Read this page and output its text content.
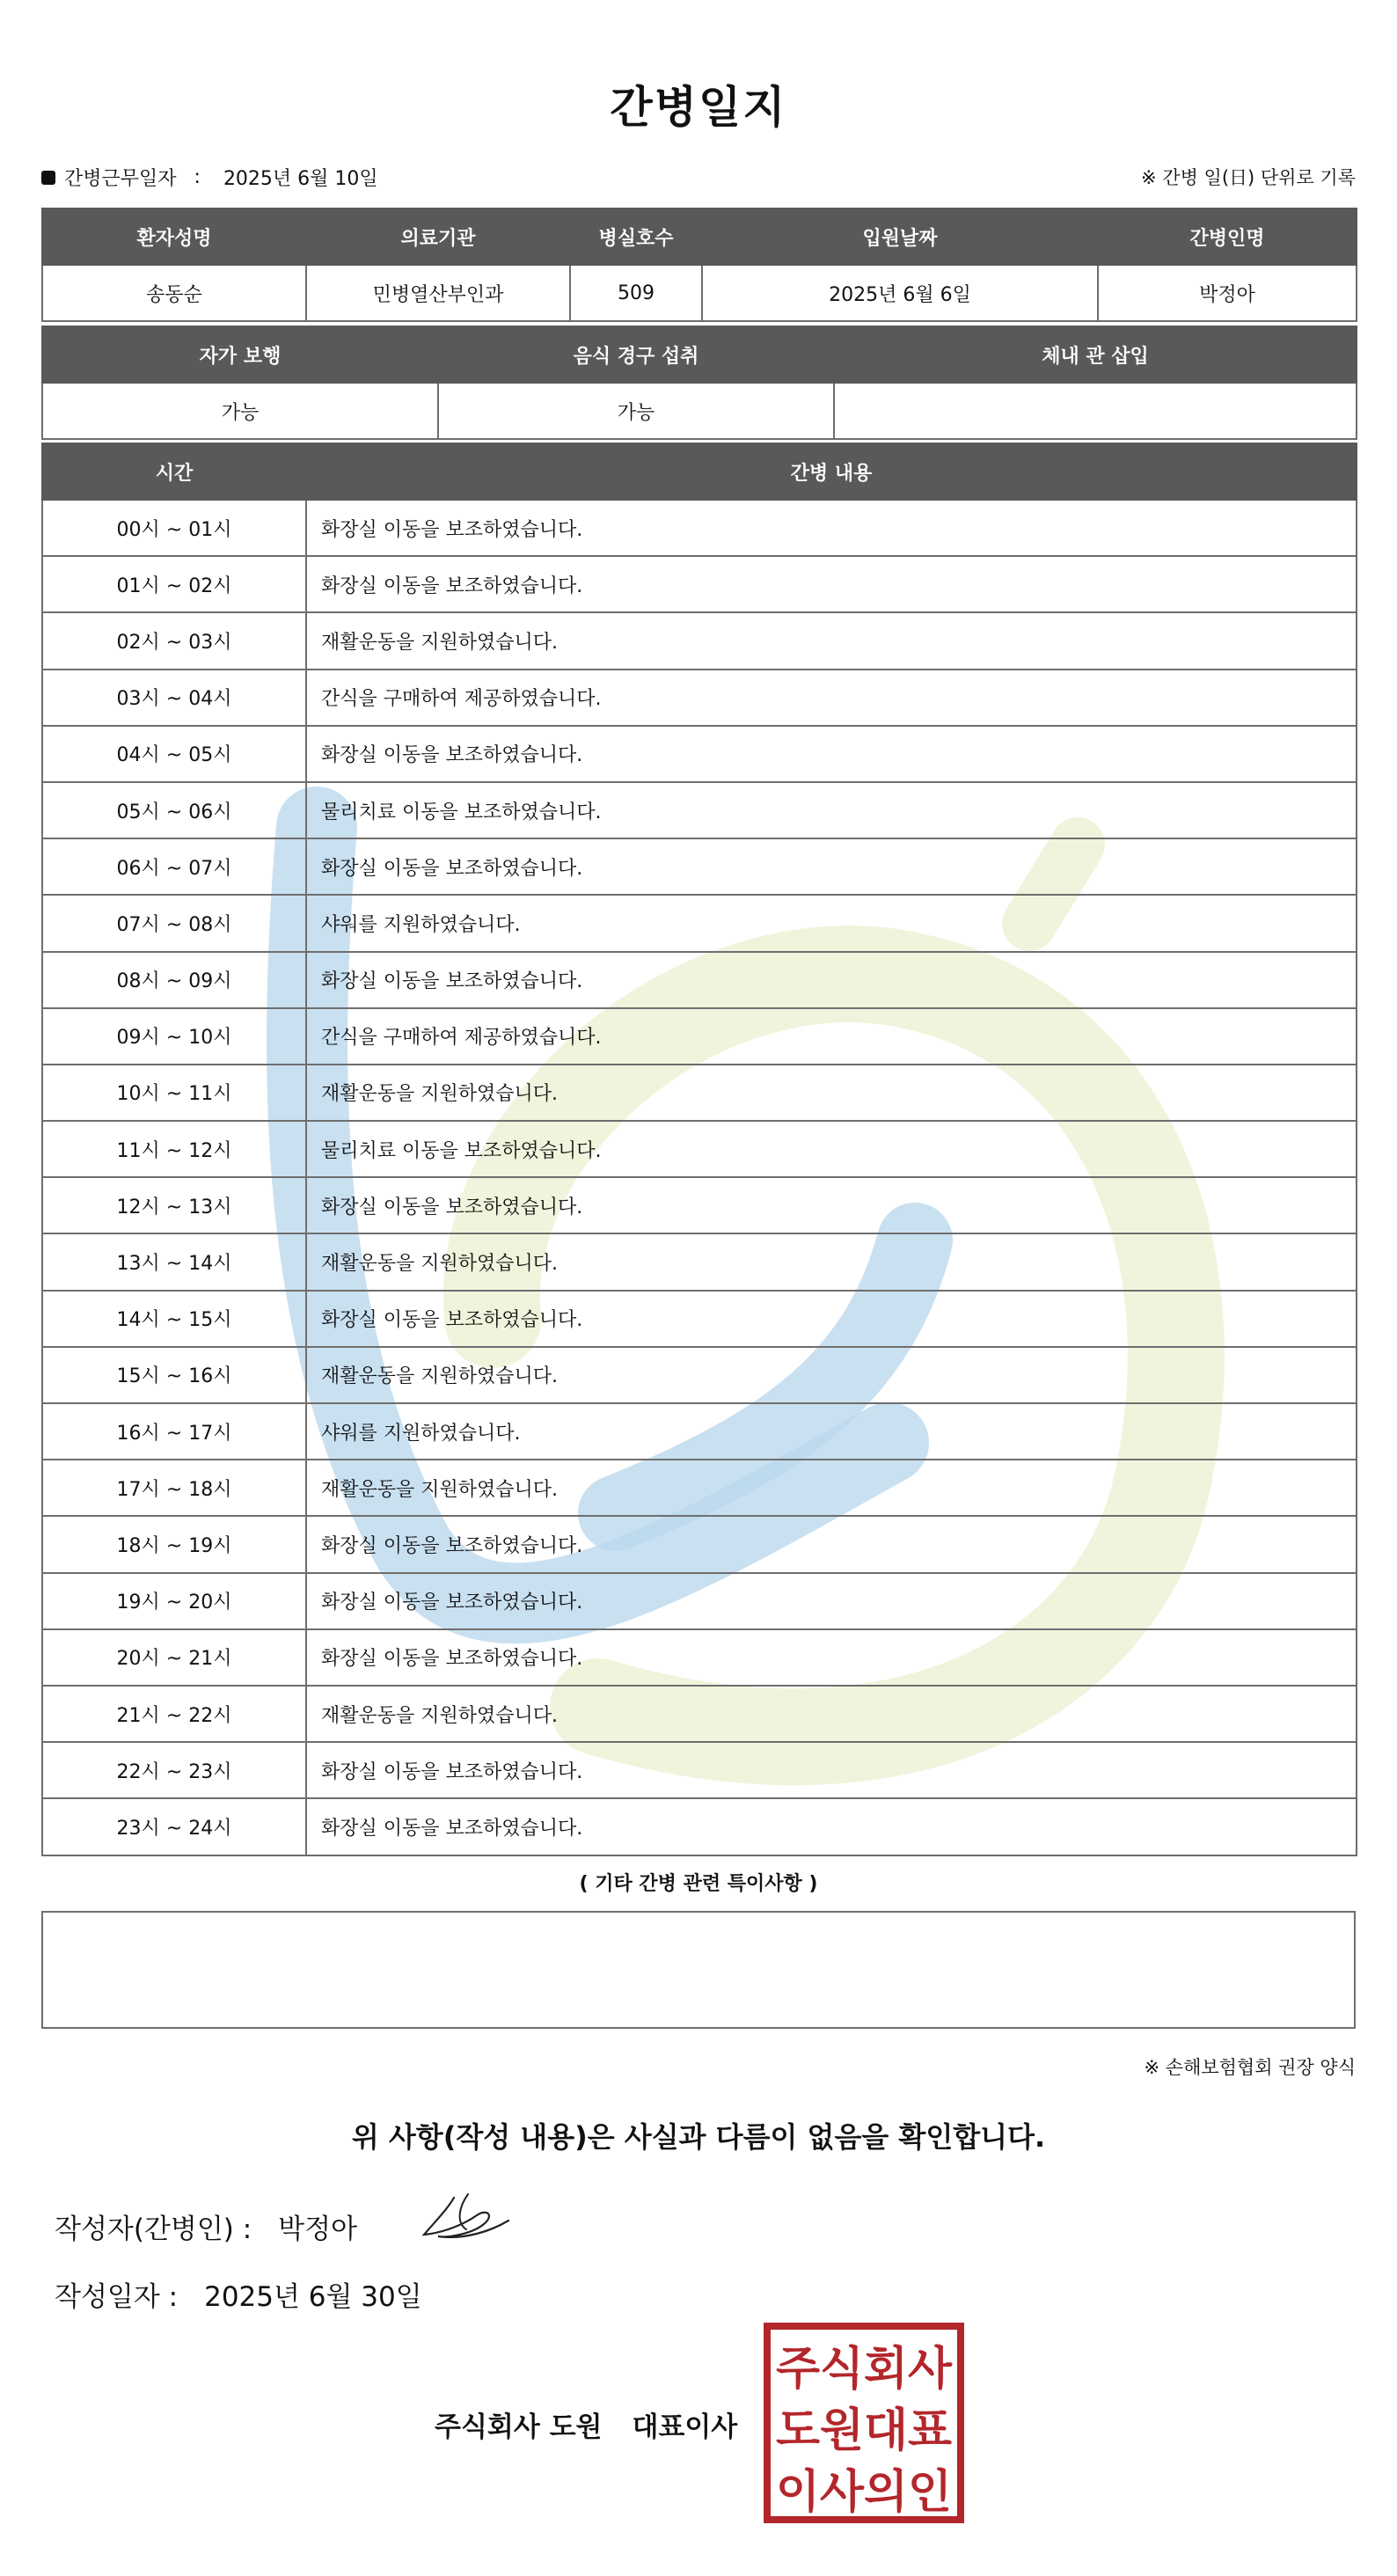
간병일지
간병근무일자 : 2025년 6월 10일	※ 간병 일(日) 단위로 기록
환자성명	의료기관	병실호수	입원날짜	간병인명
송동순	민병열산부인과	509	2025년 6월 6일	박정아
자가 보행	음식 경구 섭취	체내 관 삽입
가능	가능	
시간	간병 내용
00시 ~ 01시	화장실 이동을 보조하였습니다.
01시 ~ 02시	화장실 이동을 보조하였습니다.
02시 ~ 03시	재활운동을 지원하였습니다.
03시 ~ 04시	간식을 구매하여 제공하였습니다.
04시 ~ 05시	화장실 이동을 보조하였습니다.
05시 ~ 06시	물리치료 이동을 보조하였습니다.
06시 ~ 07시	화장실 이동을 보조하였습니다.
07시 ~ 08시	샤워를 지원하였습니다.
08시 ~ 09시	화장실 이동을 보조하였습니다.
09시 ~ 10시	간식을 구매하여 제공하였습니다.
10시 ~ 11시	재활운동을 지원하였습니다.
11시 ~ 12시	물리치료 이동을 보조하였습니다.
12시 ~ 13시	화장실 이동을 보조하였습니다.
13시 ~ 14시	재활운동을 지원하였습니다.
14시 ~ 15시	화장실 이동을 보조하였습니다.
15시 ~ 16시	재활운동을 지원하였습니다.
16시 ~ 17시	샤워를 지원하였습니다.
17시 ~ 18시	재활운동을 지원하였습니다.
18시 ~ 19시	화장실 이동을 보조하였습니다.
19시 ~ 20시	화장실 이동을 보조하였습니다.
20시 ~ 21시	화장실 이동을 보조하였습니다.
21시 ~ 22시	재활운동을 지원하였습니다.
22시 ~ 23시	화장실 이동을 보조하였습니다.
23시 ~ 24시	화장실 이동을 보조하였습니다.
( 기타 간병 관련 특이사항 )
※ 손해보험협회 권장 양식
위 사항(작성 내용)은 사실과 다름이 없음을 확인합니다.
작성자(간병인) : 박정아
작성일자 : 2025년 6월 30일
주식회사 도원 대표이사
주식회사
도원대표
이사의인
